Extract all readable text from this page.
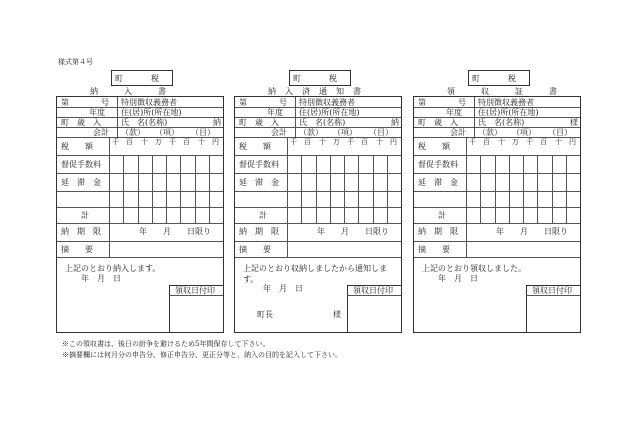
様式第４号
町　税
納　入　書
第　　　　号 特別徴収義務者
年度 住(居)所(所在地)
町　歳　入	氏　名(名称)	納
会計 （款） （項） （目）
千 百 十 万 千 百 十 円
税　　額
督促手数料
延　滞　金
計
納　期　限	年　　月　　日限り
摘　　要
上記のとおり納入します。
年　月　日
領収日付印
町　税
納入済通知書
第　　　　号 特別徴収義務者
年度 住(居)所(所在地)
町　歳　入	氏　名(名称)	納
会計 （款） （項） （目）
千 百 十 万 千 百 十 円
税　　額
督促手数料
延　滞　金
計
納　期　限	年　　月　　日限り
摘　　要
上記のとおり収納しましたから通知します。
年　月　日	領収日付印
町長	様
町　税
領　収　証　書
第　　　　号 特別徴収義務者
年度 住(居)所(所在地)
町　歳　入	氏　名(名称)	様
会計 （款） （項） （目）
千 百 十 万 千 百 十 円
税　　額
督促手数料
延　滞　金
計
納　期　限	年　　月　　日限り
摘　　要
上記のとおり領収しました。
年　月　日
領収日付印
※この領収書は、後日の紛争を避けるため5年間保存して下さい。
※摘要欄には何月分の申告分、修正申告分、更正分等と、納入の目的を記入して下さい。
